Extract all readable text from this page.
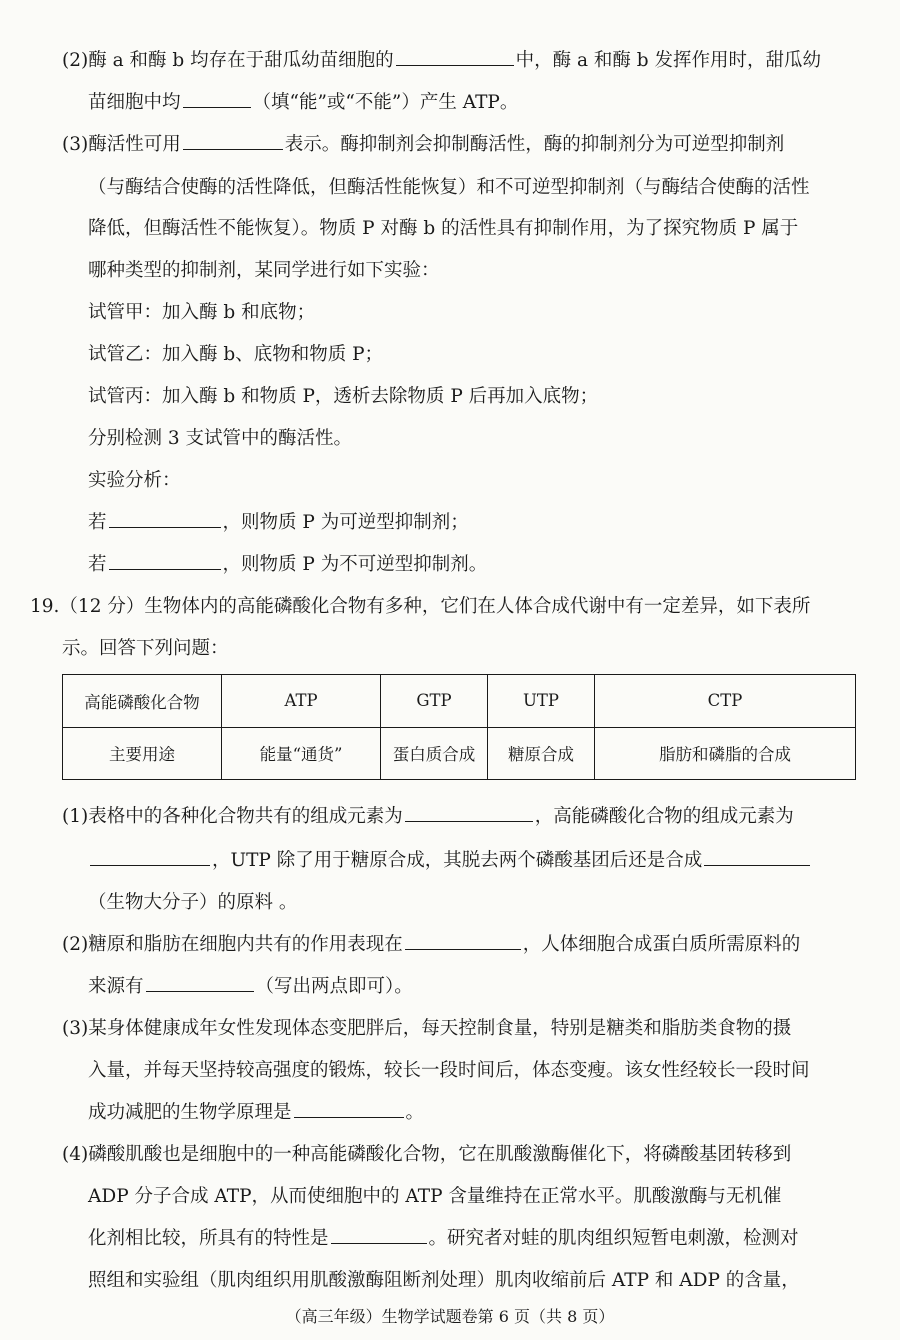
(2)酶 a 和酶 b 均存在于甜瓜幼苗细胞的	中，酶 a 和酶 b 发挥作用时，甜瓜幼
苗细胞中均	（填“能”或“不能”）产生 ATP。
(3)酶活性可用	表示。酶抑制剂会抑制酶活性，酶的抑制剂分为可逆型抑制剂
（与酶结合使酶的活性降低，但酶活性能恢复）和不可逆型抑制剂（与酶结合使酶的活性
降低，但酶活性不能恢复）。物质 P 对酶 b 的活性具有抑制作用，为了探究物质 P 属于
哪种类型的抑制剂，某同学进行如下实验：
试管甲：加入酶 b 和底物；
试管乙：加入酶 b、底物和物质 P；
试管丙：加入酶 b 和物质 P，透析去除物质 P 后再加入底物；
分别检测 3 支试管中的酶活性。
实验分析：
若	，则物质 P 为可逆型抑制剂；
若	，则物质 P 为不可逆型抑制剂。
19.（12 分）生物体内的高能磷酸化合物有多种，它们在人体合成代谢中有一定差异，如下表所
示。回答下列问题：
高能磷酸化合物	ATP	GTP	UTP	CTP
主要用途	能量“通货”	蛋白质合成	糖原合成	脂肪和磷脂的合成
(1)表格中的各种化合物共有的组成元素为	，高能磷酸化合物的组成元素为
，UTP 除了用于糖原合成，其脱去两个磷酸基团后还是合成
（生物大分子）的原料 。
(2)糖原和脂肪在细胞内共有的作用表现在	，人体细胞合成蛋白质所需原料的
来源有	（写出两点即可）。
(3)某身体健康成年女性发现体态变肥胖后，每天控制食量，特别是糖类和脂肪类食物的摄
入量，并每天坚持较高强度的锻炼，较长一段时间后，体态变瘦。该女性经较长一段时间
成功减肥的生物学原理是	。
(4)磷酸肌酸也是细胞中的一种高能磷酸化合物，它在肌酸激酶催化下，将磷酸基团转移到
ADP 分子合成 ATP，从而使细胞中的 ATP 含量维持在正常水平。肌酸激酶与无机催
化剂相比较，所具有的特性是	。研究者对蛙的肌肉组织短暂电刺激，检测对
照组和实验组（肌肉组织用肌酸激酶阻断剂处理）肌肉收缩前后 ATP 和 ADP 的含量，
（高三年级）生物学试题卷第 6 页（共 8 页）
